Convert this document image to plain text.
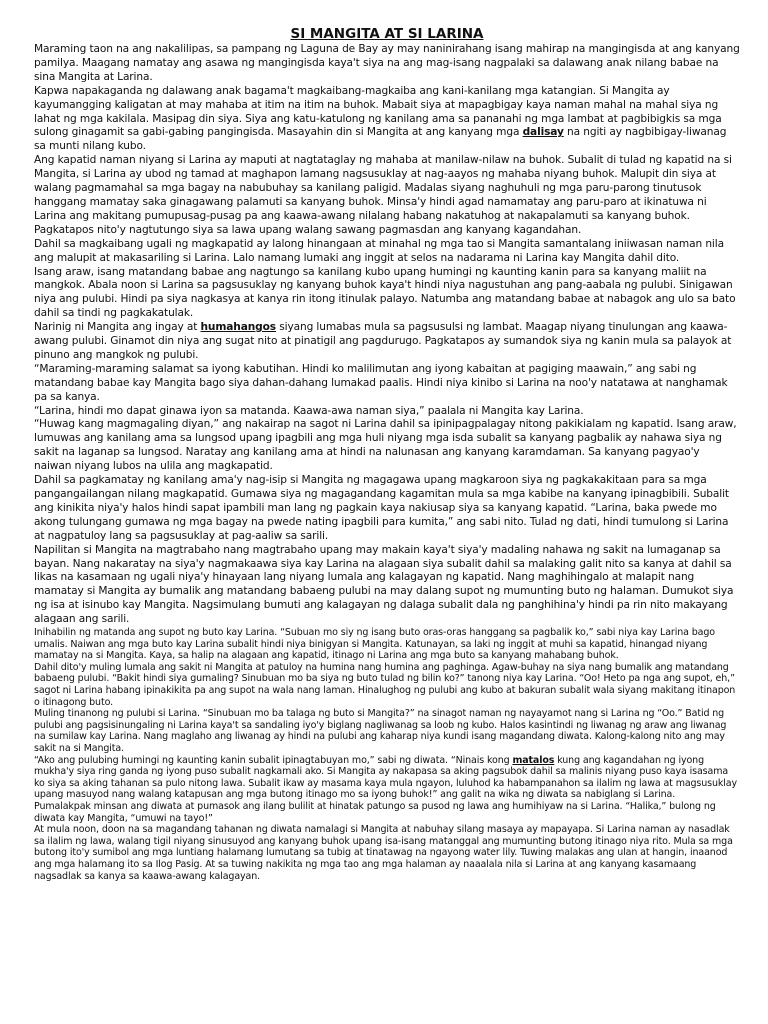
SI MANGITA AT SI LARINA

Maraming taon na ang nakalilipas, sa pampang ng Laguna de Bay ay may naninirahang isang mahirap na mangingisda at ang kanyang pamilya. Maagang namatay ang asawa ng mangingisda kaya't siya na ang mag-isang nagpalaki sa dalawang anak nilang babae na sina Mangita at Larina.

Kapwa napakaganda ng dalawang anak bagama't magkaibang-magkaiba ang kani-kanilang mga katangian. Si Mangita ay kayumangging kaligatan at may mahaba at itim na itim na buhok. Mabait siya at mapagbigay kaya naman mahal na mahal siya ng lahat ng mga kakilala. Masipag din siya. Siya ang katu-katulong ng kanilang ama sa pananahi ng mga lambat at pagbibigkis sa mga sulong ginagamit sa gabi-gabing pangingisda. Masayahin din si Mangita at ang kanyang mga dalisay na ngiti ay nagbibigay-liwanag sa munti nilang kubo.

Ang kapatid naman niyang si Larina ay maputi at nagtataglay ng mahaba at manilaw-nilaw na buhok. Subalit di tulad ng kapatid na si Mangita, si Larina ay ubod ng tamad at maghapon lamang nagsusuklay at nag-aayos ng mahaba niyang buhok. Malupit din siya at walang pagmamahal sa mga bagay na nabubuhay sa kanilang paligid. Madalas siyang naghuhuli ng mga paru-parong tinutusok hanggang mamatay saka ginagawang palamuti sa kanyang buhok. Minsa'y hindi agad namamatay ang paru-paro at ikinatuwa ni Larina ang makitang pumupusag-pusag pa ang kaawa-awang nilalang habang nakatuhog at nakapalamuti sa kanyang buhok. Pagkatapos nito'y nagtutungo siya sa lawa upang walang sawang pagmasdan ang kanyang kagandahan.

Dahil sa magkaibang ugali ng magkapatid ay lalong hinangaan at minahal ng mga tao si Mangita samantalang iniiwasan naman nila ang malupit at makasariling si Larina. Lalo namang lumaki ang inggit at selos na nadarama ni Larina kay Mangita dahil dito.

Isang araw, isang matandang babae ang nagtungo sa kanilang kubo upang humingi ng kaunting kanin para sa kanyang maliit na mangkok. Abala noon si Larina sa pagsusuklay ng kanyang buhok kaya't hindi niya nagustuhan ang pang-aabala ng pulubi. Sinigawan niya ang pulubi. Hindi pa siya nagkasya at kanya rin itong itinulak palayo. Natumba ang matandang babae at nabagok ang ulo sa bato dahil sa tindi ng pagkakatulak.

Narinig ni Mangita ang ingay at humahangos siyang lumabas mula sa pagsusulsi ng lambat. Maagap niyang tinulungan ang kaawa-awang pulubi. Ginamot din niya ang sugat nito at pinatigil ang pagdurugo. Pagkatapos ay sumandok siya ng kanin mula sa palayok at pinuno ang mangkok ng pulubi.

“Maraming-maraming salamat sa iyong kabutihan. Hindi ko malilimutan ang iyong kabaitan at pagiging maawain,” ang sabi ng matandang babae kay Mangita bago siya dahan-dahang lumakad paalis. Hindi niya kinibo si Larina na noo'y natatawa at nanghamak pa sa kanya.

“Larina, hindi mo dapat ginawa iyon sa matanda. Kaawa-awa naman siya,” paalala ni Mangita kay Larina.

“Huwag kang magmagaling diyan,” ang nakairap na sagot ni Larina dahil sa ipinipagpalagay nitong pakikialam ng kapatid. Isang araw, lumuwas ang kanilang ama sa lungsod upang ipagbili ang mga huli niyang mga isda subalit sa kanyang pagbalik ay nahawa siya ng sakit na laganap sa lungsod. Naratay ang kanilang ama at hindi na nalunasan ang kanyang karamdaman. Sa kanyang pagyao'y naiwan niyang lubos na ulila ang magkapatid.

Dahil sa pagkamatay ng kanilang ama'y nag-isip si Mangita ng magagawa upang magkaroon siya ng pagkakakitaan para sa mga pangangailangan nilang magkapatid. Gumawa siya ng magagandang kagamitan mula sa mga kabibe na kanyang ipinagbibili. Subalit ang kinikita niya'y halos hindi sapat ipambili man lang ng pagkain kaya nakiusap siya sa kanyang kapatid. “Larina, baka pwede mo akong tulungang gumawa ng mga bagay na pwede nating ipagbili para kumita,” ang sabi nito. Tulad ng dati, hindi tumulong si Larina at nagpatuloy lang sa pagsusuklay at pag-aaliw sa sarili.

Napilitan si Mangita na magtrabaho nang magtrabaho upang may makain kaya't siya'y madaling nahawa ng sakit na lumaganap sa bayan. Nang nakaratay na siya'y nagmakaawa siya kay Larina na alagaan siya subalit dahil sa malaking galit nito sa kanya at dahil sa likas na kasamaan ng ugali niya'y hinayaan lang niyang lumala ang kalagayan ng kapatid. Nang maghihingalo at malapit nang mamatay si Mangita ay bumalik ang matandang babaeng pulubi na may dalang supot ng mumunting buto ng halaman. Dumukot siya ng isa at isinubo kay Mangita. Nagsimulang bumuti ang kalagayan ng dalaga subalit dala ng panghihina'y hindi pa rin nito makayang alagaan ang sarili.

Inihabilin ng matanda ang supot ng buto kay Larina. “Subuan mo siy ng isang buto oras-oras hanggang sa pagbalik ko,” sabi niya kay Larina bago umalis. Naiwan ang mga buto kay Larina subalit hindi niya binigyan si Mangita. Katunayan, sa laki ng inggit at muhi sa kapatid, hinangad niyang mamatay na si Mangita. Kaya, sa halip na alagaan ang kapatid, itinago ni Larina ang mga buto sa kanyang mahabang buhok.

Dahil dito'y muling lumala ang sakit ni Mangita at patuloy na humina nang humina ang paghinga. Agaw-buhay na siya nang bumalik ang matandang babaeng pulubi. “Bakit hindi siya gumaling? Sinubuan mo ba siya ng buto tulad ng bilin ko?” tanong niya kay Larina. “Oo! Heto pa nga ang supot, eh,” sagot ni Larina habang ipinakikita pa ang supot na wala nang laman. Hinalughog ng pulubi ang kubo at bakuran subalit wala siyang makitang itinapon o itinagong buto.

Muling tinanong ng pulubi si Larina. “Sinubuan mo ba talaga ng buto si Mangita?” na sinagot naman ng nayayamot nang si Larina ng “Oo.” Batid ng pulubi ang pagsisinungaling ni Larina kaya't sa sandaling iyo'y biglang nagliwanag sa loob ng kubo. Halos kasintindi ng liwanag ng araw ang liwanag na sumilaw kay Larina. Nang maglaho ang liwanag ay hindi na pulubi ang kaharap niya kundi isang magandang diwata. Kalong-kalong nito ang may sakit na si Mangita.

“Ako ang pulubing humingi ng kaunting kanin subalit ipinagtabuyan mo,” sabi ng diwata. “Ninais kong matalos kung ang kagandahan ng iyong mukha'y siya ring ganda ng iyong puso subalit nagkamali ako. Si Mangita ay nakapasa sa aking pagsubok dahil sa malinis niyang puso kaya isasama ko siya sa aking tahanan sa pulo nitong lawa. Subalit ikaw ay masama kaya mula ngayon, luluhod ka habampanahon sa ilalim ng lawa at magsusuklay upang masuyod nang walang katapusan ang mga butong itinago mo sa iyong buhok!” ang galit na wika ng diwata sa nabiglang si Larina.

Pumalakpak minsan ang diwata at pumasok ang ilang bulilit at hinatak patungo sa pusod ng lawa ang humihiyaw na si Larina. “Halika,” bulong ng diwata kay Mangita, “umuwi na tayo!”

At mula noon, doon na sa magandang tahanan ng diwata namalagi si Mangita at nabuhay silang masaya ay mapayapa. Si Larina naman ay nasadlak sa ilalim ng lawa, walang tigil niyang sinusuyod ang kanyang buhok upang isa-isang matanggal ang mumunting butong itinago niya rito. Mula sa mga butong ito'y sumibol ang mga luntiang halamang lumutang sa tubig at tinatawag na ngayong water lily. Tuwing malakas ang ulan at hangin, inaanod ang mga halamang ito sa Ilog Pasig. At sa tuwing nakikita ng mga tao ang mga halaman ay naaalala nila si Larina at ang kanyang kasamaang nagsadlak sa kanya sa kaawa-awang kalagayan.
